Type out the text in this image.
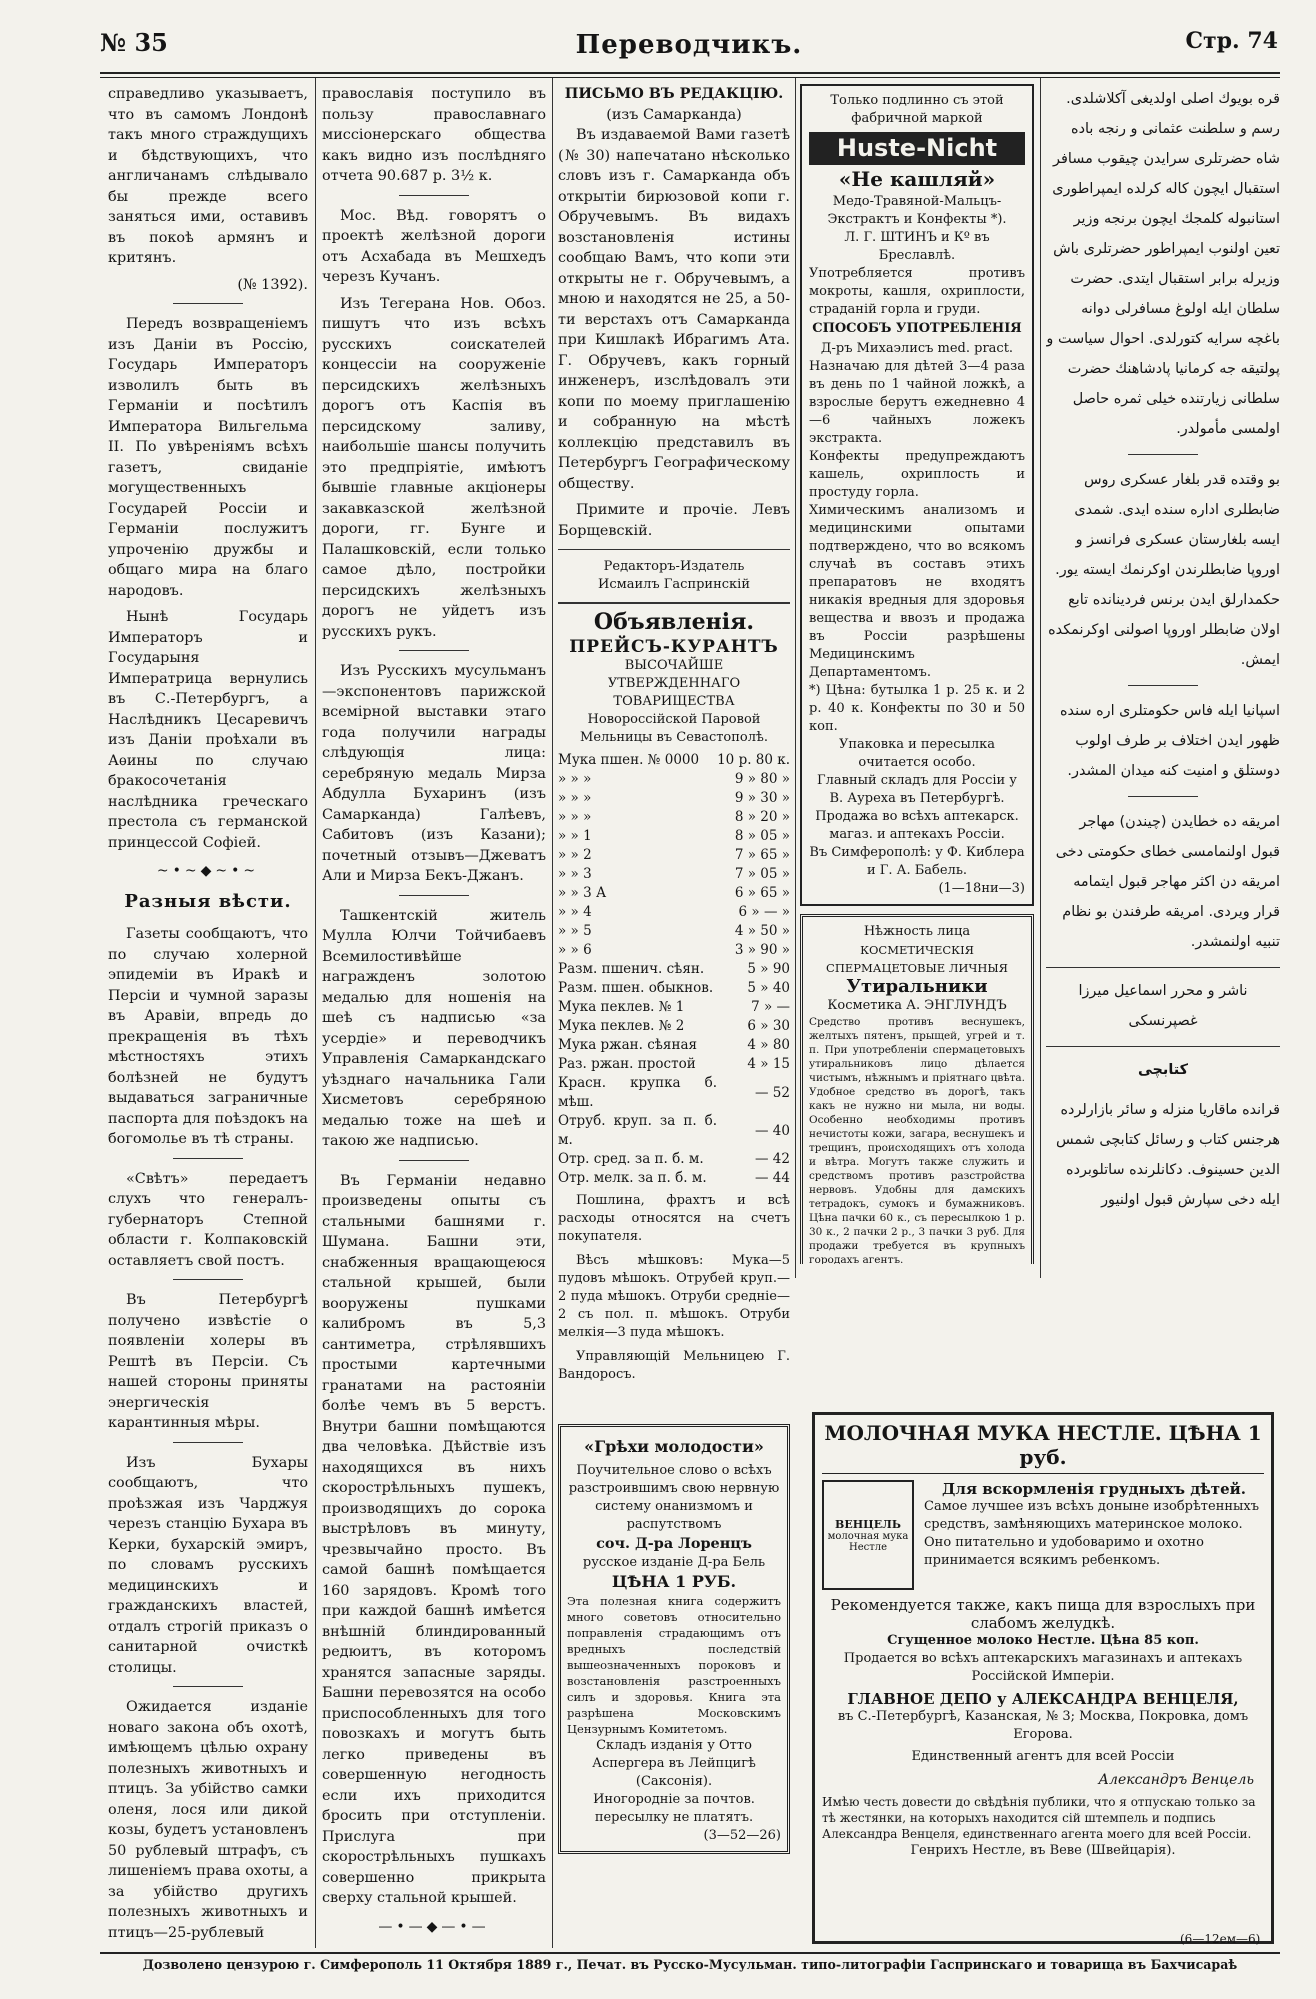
№ 35	Переводчикъ.	Стр. 74

справедливо указываетъ, что въ самомъ Лондонѣ такъ много страждущихъ и бѣдствующихъ, что англичанамъ слѣдывало бы прежде всего заняться ими, оставивъ въ покоѣ армянъ и критянъ.

(№ 1392).

Передъ возвращеніемъ изъ Даніи въ Россію, Государь Императоръ изволилъ быть въ Германіи и посѣтилъ Императора Вильгельма II. По увѣреніямъ всѣхъ газетъ, свиданіе могущественныхъ Государей Россіи и Германіи послужитъ упроченію дружбы и общаго мира на благо народовъ.

Нынѣ Государь Императоръ и Государыня Императрица вернулись въ С.-Петербургъ, а Наслѣдникъ Цесаревичъ изъ Даніи проѣхали въ Аѳины по случаю бракосочетанія наслѣдника греческаго престола съ германской принцессой Софіей.

~•~◆~•~
Разныя вѣсти.

Газеты сообщаютъ, что по случаю холерной эпидеміи въ Иракѣ и Персіи и чумной заразы въ Аравіи, впредь до прекращенія въ тѣхъ мѣстностяхъ этихъ болѣзней не будутъ выдаваться заграничные паспорта для поѣздокъ на богомолье въ тѣ страны.

«Свѣтъ» передаетъ слухъ что генералъ-губернаторъ Степной области г. Колпаковскій оставляетъ свой постъ.

Въ Петербургѣ получено извѣстіе о появленіи холеры въ Рештѣ въ Персіи. Съ нашей стороны приняты энергическія карантинныя мѣры.

Изъ Бухары сообщаютъ, что проѣзжая изъ Чарджуя черезъ станцію Бухара въ Керки, бухарскій эмиръ, по словамъ русскихъ медицинскихъ и гражданскихъ властей, отдалъ строгій приказъ о санитарной очисткѣ столицы.

Ожидается изданіе новаго закона объ охотѣ, имѣющемъ цѣлью охрану полезныхъ животныхъ и птицъ. За убійство самки оленя, лося или дикой козы, будетъ установленъ 50 рублевый штрафъ, съ лишеніемъ права охоты, а за убійство другихъ полезныхъ животныхъ и птицъ—25-рублевый

православія поступило въ пользу православнаго миссіонерскаго общества какъ видно изъ послѣдняго отчета 90.687 р. 3½ к.

Мос. Вѣд. говорятъ о проектѣ желѣзной дороги отъ Асхабада въ Мешхедъ черезъ Кучанъ.

Изъ Тегерана Нов. Обоз. пишутъ что изъ всѣхъ русскихъ соискателей концессіи на сооруженіе персидскихъ желѣзныхъ дорогъ отъ Каспія въ персидскому заливу, наибольшіе шансы получить это предпріятіе, имѣютъ бывшіе главные акціонеры закавказской желѣзной дороги, гг. Бунге и Палашковскій, если только самое дѣло, постройки персидскихъ желѣзныхъ дорогъ не уйдетъ изъ русскихъ рукъ.

Изъ Русскихъ мусульманъ—экспонентовъ парижской всемірной выставки этаго года получили награды слѣдующія лица: серебряную медаль Мирза Абдулла Бухаринъ (изъ Самарканда) Галѣевъ, Сабитовъ (изъ Казани); почетный отзывъ—Джеватъ Али и Мирза Бекъ-Джанъ.

Ташкентскій житель Мулла Юлчи Тойчибаевъ Всемилостивѣйше награжденъ золотою медалью для ношенія на шеѣ съ надписью «за усердіе» и переводчикъ Управленія Самаркандскаго уѣзднаго начальника Гали Хисметовъ серебряною медалью тоже на шеѣ и такою же надписью.

Въ Германіи недавно произведены опыты съ стальными башнями г. Шумана. Башни эти, снабженныя вращающеюся стальной крышей, были вооружены пушками калибромъ въ 5,3 сантиметра, стрѣлявшихъ простыми картечными гранатами на растояніи болѣе чемъ въ 5 верстъ. Внутри башни помѣщаются два человѣка. Дѣйствіе изъ находящихся въ нихъ скорострѣльныхъ пушекъ, производящихъ до сорока выстрѣловъ въ минуту, чрезвычайно просто. Въ самой башнѣ помѣщается 160 зарядовъ. Кромѣ того при каждой башнѣ имѣется внѣшній блиндированный редюитъ, въ которомъ хранятся запасные заряды. Башни перевозятся на особо приспособленныхъ для того повозкахъ и могутъ быть легко приведены въ совершенную негодность если ихъ приходится бросить при отступленіи. Прислуга при скорострѣльныхъ пушкахъ совершенно прикрыта сверху стальной крышей.

—•—◆—•—
ПИСЬМО ВЪ РЕДАКЦІЮ.
(изъ Самарканда)

Въ издаваемой Вами газетѣ (№ 30) напечатано нѣсколько словъ изъ г. Самарканда объ открытіи бирюзовой копи г. Обручевымъ. Въ видахъ возстановленія истины сообщаю Вамъ, что копи эти открыты не г. Обручевымъ, а мною и находятся не 25, а 50-ти верстахъ отъ Самарканда при Кишлакѣ Ибрагимъ Ата. Г. Обручевъ, какъ горный инженеръ, изслѣдовалъ эти копи по моему приглашенію и собранную на мѣстѣ коллекцію представилъ въ Петербургъ Географическому обществу.

Примите и прочіе. Левъ Борщевскій.

Редакторъ-Издатель
Исмаилъ Гаспринскій
Объявленія.
ПРЕЙСЪ-КУРАНТЪ
ВЫСОЧАЙШЕ УТВЕРЖДЕННАГО ТОВАРИЩЕСТВА
Новороссійской Паровой Мельницы въ Севастополѣ.
Мука пшен. № 0000	10 р. 80 к.
» » »	9 » 80 »
» » »	9 » 30 »
» » »	8 » 20 »
» » 1	8 » 05 »
» » 2	7 » 65 »
» » 3	7 » 05 »
» » 3 А	6 » 65 »
» » 4	6 » — »
» » 5	4 » 50 »
» » 6	3 » 90 »
Разм. пшенич. сѣян.	5 » 90
Разм. пшен. обыкнов.	5 » 40
Мука пеклев. № 1	7 » —
Мука пеклев. № 2	6 » 30
Мука ржан. сѣяная	4 » 80
Раз. ржан. простой	4 » 15
Красн. крупка б. мѣш.	— 52
Отруб. круп. за п. б. м.	— 40
Отр. сред. за п. б. м.	— 42
Отр. мелк. за п. б. м.	— 44

Пошлина, фрахтъ и всѣ расходы относятся на счетъ покупателя.

Вѣсъ мѣшковъ: Мука—5 пудовъ мѣшокъ. Отрубей круп.—2 пуда мѣшокъ. Отруби средніе—2 съ пол. п. мѣшокъ. Отруби мелкія—3 пуда мѣшокъ.

Управляющій Мельницею Г. Вандоросъ.

«Грѣхи молодости»
Поучительное слово о всѣхъ разстроившимъ свою нервную систему онанизмомъ и распутствомъ
соч. Д-ра Лоренцъ
русское изданіе Д-ра Бель
ЦѢНА 1 РУБ.
Эта полезная книга содержитъ много советовъ относительно поправленія страдающимъ отъ вредныхъ последствій вышеозначенныхъ пороковъ и возстановленія разстроенныхъ силъ и здоровья. Книга эта разрѣшена Московскимъ Цензурнымъ Комитетомъ.
Складъ изданія у Отто Аспергера въ Лейпцигѣ (Саксонія).
Иногородніе за почтов. пересылку не платятъ.
(3—52—26)
Только подлинно съ этой фабричной маркой
Huste-Nicht
«Не кашляй»
Медо-Травяной-Мальцъ-Экстрактъ и Конфекты *).
Л. Г. ШТИНЪ и Кº въ Бреславлѣ.
Употребляется противъ мокроты, кашля, охриплости, страданій горла и груди.
СПОСОБЪ УПОТРЕБЛЕНІЯ
Д-ръ Михаэлисъ med. pract.
Назначаю для дѣтей 3—4 раза въ день по 1 чайной ложкѣ, а взрослые берутъ ежедневно 4—6 чайныхъ ложекъ экстракта.
Конфекты предупреждаютъ кашель, охриплость и простуду горла.
Химическимъ анализомъ и медицинскими опытами подтверждено, что во всякомъ случаѣ въ составъ этихъ препаратовъ не входятъ никакія вредныя для здоровья вещества и ввозъ и продажа въ Россіи разрѣшены Медицинскимъ Департаментомъ.
*) Цѣна: бутылка 1 р. 25 к. и 2 р. 40 к. Конфекты по 30 и 50 коп.
Упаковка и пересылка очитается особо.
Главный складъ для Россіи у В. Ауреха въ Петербургѣ.
Продажа во всѣхъ аптекарск. магаз. и аптекахъ Россіи.
Въ Симферополѣ: у Ф. Киблера и Г. А. Бабель.
(1—18ни—3)
Нѣжность лица
КОСМЕТИЧЕСКІЯ СПЕРМАЦЕТОВЫЕ ЛИЧНЫЯ
Утиральники
Косметика А. ЭНГЛУНДЪ
Средство противъ веснушекъ, желтыхъ пятенъ, прыщей, угрей и т. п. При употребленіи спермацетовыхъ утиральниковъ лицо дѣлается чистымъ, нѣжнымъ и пріятнаго цвѣта. Удобное средство въ дорогѣ, такъ какъ не нужно ни мыла, ни воды. Особенно необходимы противъ нечистоты кожи, загара, веснушекъ и трещинъ, происходящихъ отъ холода и вѣтра. Могутъ также служить и средствомъ противъ разстройства нервовъ. Удобны для дамскихъ тетрадокъ, сумокъ и бумажниковъ. Цѣна пачки 60 к., съ пересылкою 1 р. 30 к., 2 пачки 2 р., 3 пачки 3 руб. Для продажи требуется въ крупныхъ городахъ агентъ.

قره بويوك اصلی اولديغی آكلاشلدی. رسم و سلطنت عثمانی و رنجه باده شاه حضرتلری سرايدن چيقوب مسافر استقبال ايچون كاله كرلده ايمپراطوری استانبوله كلمجك ايچون برنجه وزير تعين اولنوب ايمپراطور حضرتلری باش وزيرله برابر استقبال ايتدی. حضرت سلطان ايله اولوغ مسافرلی دوانه باغچه سرايه كتورلدی. احوال سياست و پولتيقه جه كرمانيا پادشاهنك حضرت سلطانی زيارتنده خيلی ثمره حاصل اولمسی مأمولدر.

بو وقتده قدر بلغار عسكری روس ضابطلری اداره سنده ايدی. شمدی ايسه بلغارستان عسكری فرانسز و اوروپا ضابطلرندن اوكرنمك ايسته يور. حكمدارلق ايدن برنس فردينانده تابع اولان ضابطلر اوروپا اصولنی اوكرنمكده ايمش.

اسپانيا ايله فاس حكومتلری اره سنده ظهور ايدن اختلاف بر طرف اولوب دوستلق و امنيت كنه ميدان المشدر.

امريقه ده خطايدن (چيندن) مهاجر قبول اولنمامسی خطای حكومتی دخی امريقه دن اكثر مهاجر قبول ايتمامه قرار ويردی. امريقه طرفندن بو نظام تنبيه اولنمشدر.

ناشر و محرر اسماعيل ميرزا غصپرنسكی

كتابچی

قرانده ماقاريا منزله و سائر بازارلرده هرجنس كتاب و رسائل كتابچی شمس الدين حسينوف. دكانلرنده ساتلوبرده ايله دخی سپارش قبول اولنيور

МОЛОЧНАЯ МУКА НЕСТЛЕ. ЦѢНА 1 руб.
ВЕНЦЕЛЬ
молочная мука Нестле
Для вскормленія грудныхъ дѣтей.
Самое лучшее изъ всѣхъ доныне изобрѣтенныхъ средствъ, замѣняющихъ материнское молоко. Оно питательно и удобоваримо и охотно принимается всякимъ ребенкомъ.
Рекомендуется также, какъ пища для взрослыхъ при слабомъ желудкѣ.
Сгущенное молоко Нестле. Цѣна 85 коп.
Продается во всѣхъ аптекарскихъ магазинахъ и аптекахъ Россійской Имперіи.
ГЛАВНОЕ ДЕПО у АЛЕКСАНДРА ВЕНЦЕЛЯ,
въ С.-Петербургѣ, Казанская, № 3; Москва, Покровка, домъ Егорова.
Единственный агентъ для всей Россіи
Александръ Венцель
Имѣю честь довести до свѣдѣнія публики, что я отпускаю только за тѣ жестянки, на которыхъ находится сій штемпель и подпись Александра Венцеля, единственнаго агента моего для всей Россіи.
Генрихъ Нестле, въ Веве (Швейцарія).
(6—12ем—6)
Дозволено цензурою г. Симферополь 11 Октября 1889 г., Печат. въ Русско-Мусульман. типо-литографіи Гаспринскаго и товарища въ Бахчисараѣ
